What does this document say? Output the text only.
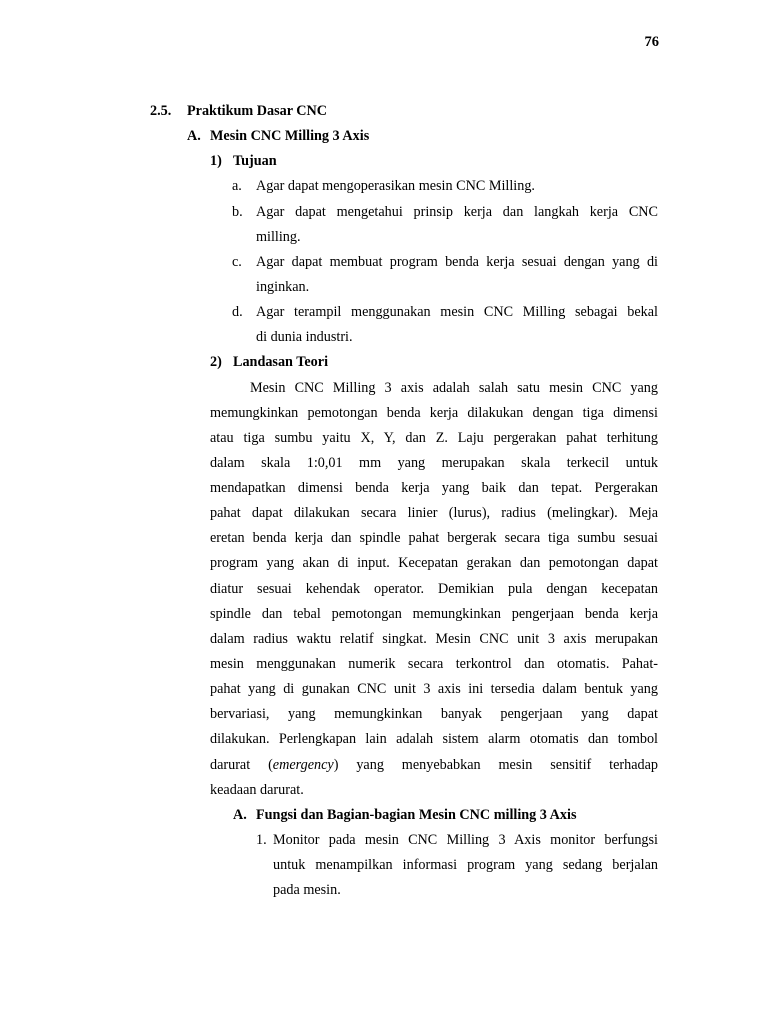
76
2.5. Praktikum Dasar CNC
A. Mesin CNC Milling 3 Axis
1) Tujuan
a. Agar dapat mengoperasikan mesin CNC Milling.
b. Agar dapat mengetahui prinsip kerja dan langkah kerja CNC
milling.
c. Agar dapat membuat program benda kerja sesuai dengan yang di
inginkan.
d. Agar terampil menggunakan mesin CNC Milling sebagai bekal
di dunia industri.
2) Landasan Teori
Mesin CNC Milling 3 axis adalah salah satu mesin CNC yang
memungkinkan pemotongan benda kerja dilakukan dengan tiga dimensi
atau tiga sumbu yaitu X, Y, dan Z. Laju pergerakan pahat terhitung
dalam skala 1:0,01 mm yang merupakan skala terkecil untuk
mendapatkan dimensi benda kerja yang baik dan tepat. Pergerakan
pahat dapat dilakukan secara linier (lurus), radius (melingkar). Meja
eretan benda kerja dan spindle pahat bergerak secara tiga sumbu sesuai
program yang akan di input. Kecepatan gerakan dan pemotongan dapat
diatur sesuai kehendak operator. Demikian pula dengan kecepatan
spindle dan tebal pemotongan memungkinkan pengerjaan benda kerja
dalam radius waktu relatif singkat. Mesin CNC unit 3 axis merupakan
mesin menggunakan numerik secara terkontrol dan otomatis. Pahat-
pahat yang di gunakan CNC unit 3 axis ini tersedia dalam bentuk yang
bervariasi, yang memungkinkan banyak pengerjaan yang dapat
dilakukan. Perlengkapan lain adalah sistem alarm otomatis dan tombol
darurat (emergency) yang menyebabkan mesin sensitif terhadap
keadaan darurat.
A. Fungsi dan Bagian-bagian Mesin CNC milling 3 Axis
1. Monitor pada mesin CNC Milling 3 Axis monitor berfungsi
untuk menampilkan informasi program yang sedang berjalan
pada mesin.
